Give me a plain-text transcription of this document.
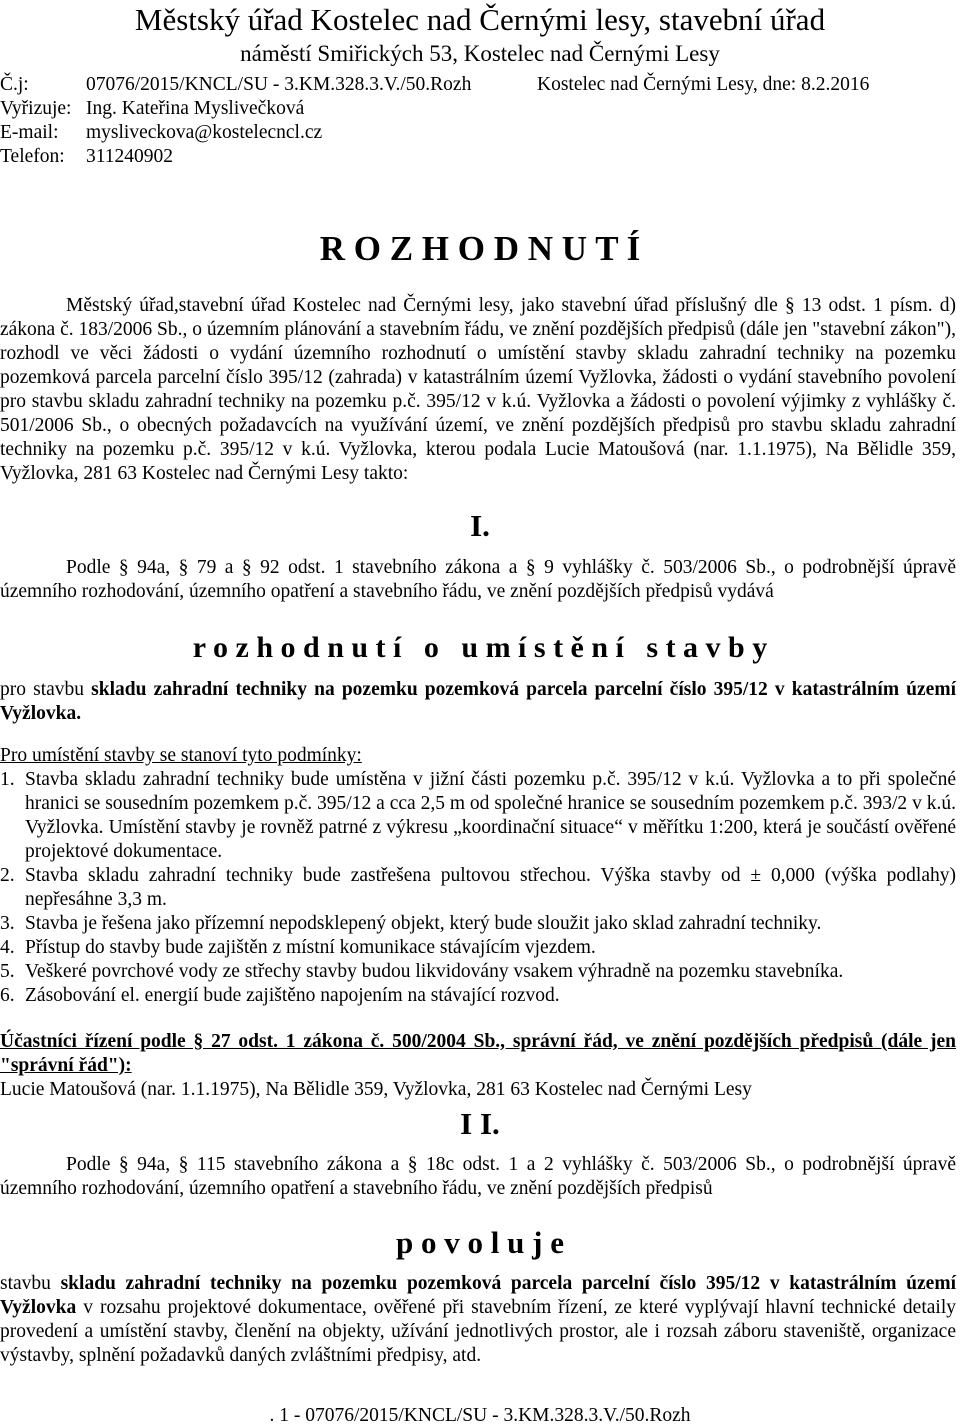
Městský úřad Kostelec nad Černými lesy, stavební úřad
náměstí Smiřických 53, Kostelec nad Černými Lesy
Č.j:	07076/2015/KNCL/SU - 3.KM.328.3.V./50.Rozh	Kostelec nad Černými Lesy, dne: 8.2.2016
Vyřizuje: Ing. Kateřina Myslivečková
E-mail: mysliveckova@kostelecncl.cz
Telefon: 311240902
R O Z H O D N U T Í
Městský úřad,stavební úřad Kostelec nad Černými lesy, jako stavební úřad příslušný dle § 13 odst. 1 písm. d) zákona č. 183/2006 Sb., o územním plánování a stavebním řádu, ve znění pozdějších předpisů (dále jen "stavební zákon"), rozhodl ve věci žádosti o vydání územního rozhodnutí o umístění stavby skladu zahradní techniky na pozemku pozemková parcela parcelní číslo 395/12 (zahrada) v katastrálním území Vyžlovka, žádosti o vydání stavebního povolení pro stavbu skladu zahradní techniky na pozemku p.č. 395/12 v k.ú. Vyžlovka a žádosti o povolení výjimky z vyhlášky č. 501/2006 Sb., o obecných požadavcích na využívání území, ve znění pozdějších předpisů pro stavbu skladu zahradní techniky na pozemku p.č. 395/12 v k.ú. Vyžlovka, kterou podala Lucie Matoušová (nar. 1.1.1975), Na Bělidle 359, Vyžlovka, 281 63 Kostelec nad Černými Lesy takto:
I.
Podle § 94a, § 79 a § 92 odst. 1 stavebního zákona a § 9 vyhlášky č. 503/2006 Sb., o podrobnější úpravě územního rozhodování, územního opatření a stavebního řádu, ve znění pozdějších předpisů vydává
r o z h o d n u t í   o   u m í s t ě n í   s t a v b y
pro stavbu skladu zahradní techniky na pozemku pozemková parcela parcelní číslo 395/12 v katastrálním území Vyžlovka.
Pro umístění stavby se stanoví tyto podmínky:
1. Stavba skladu zahradní techniky bude umístěna v jižní části pozemku p.č. 395/12 v k.ú. Vyžlovka a to při společné hranici se sousedním pozemkem p.č. 395/12 a cca 2,5 m od společné hranice se sousedním pozemkem p.č. 393/2 v k.ú. Vyžlovka. Umístění stavby je rovněž patrné z výkresu „koordinační situace“ v měřítku 1:200, která je součástí ověřené projektové dokumentace.
2. Stavba skladu zahradní techniky bude zastřešena pultovou střechou. Výška stavby od ± 0,000 (výška podlahy) nepřesáhne 3,3 m.
3. Stavba je řešena jako přízemní nepodsklepený objekt, který bude sloužit jako sklad zahradní techniky.
4. Přístup do stavby bude zajištěn z místní komunikace stávajícím vjezdem.
5. Veškeré povrchové vody ze střechy stavby budou likvidovány vsakem výhradně na pozemku stavebníka.
6. Zásobování el. energií bude zajištěno napojením na stávající rozvod.
Účastníci řízení podle § 27 odst. 1 zákona č. 500/2004 Sb., správní řád, ve znění pozdějších předpisů (dále jen "správní řád"):
Lucie Matoušová (nar. 1.1.1975), Na Bělidle 359, Vyžlovka, 281 63 Kostelec nad Černými Lesy
I I.
Podle § 94a, § 115 stavebního zákona a § 18c odst. 1 a 2 vyhlášky č. 503/2006 Sb., o podrobnější úpravě územního rozhodování, územního opatření a stavebního řádu, ve znění pozdějších předpisů
p o v o l u j e
stavbu skladu zahradní techniky na pozemku pozemková parcela parcelní číslo 395/12 v katastrálním území Vyžlovka v rozsahu projektové dokumentace, ověřené při stavebním řízení, ze které vyplývají hlavní technické detaily provedení a umístění stavby, členění na objekty, užívání jednotlivých prostor, ale i rozsah záboru staveniště, organizace výstavby, splnění požadavků daných zvláštními předpisy, atd.
. 1 - 07076/2015/KNCL/SU - 3.KM.328.3.V./50.Rozh
